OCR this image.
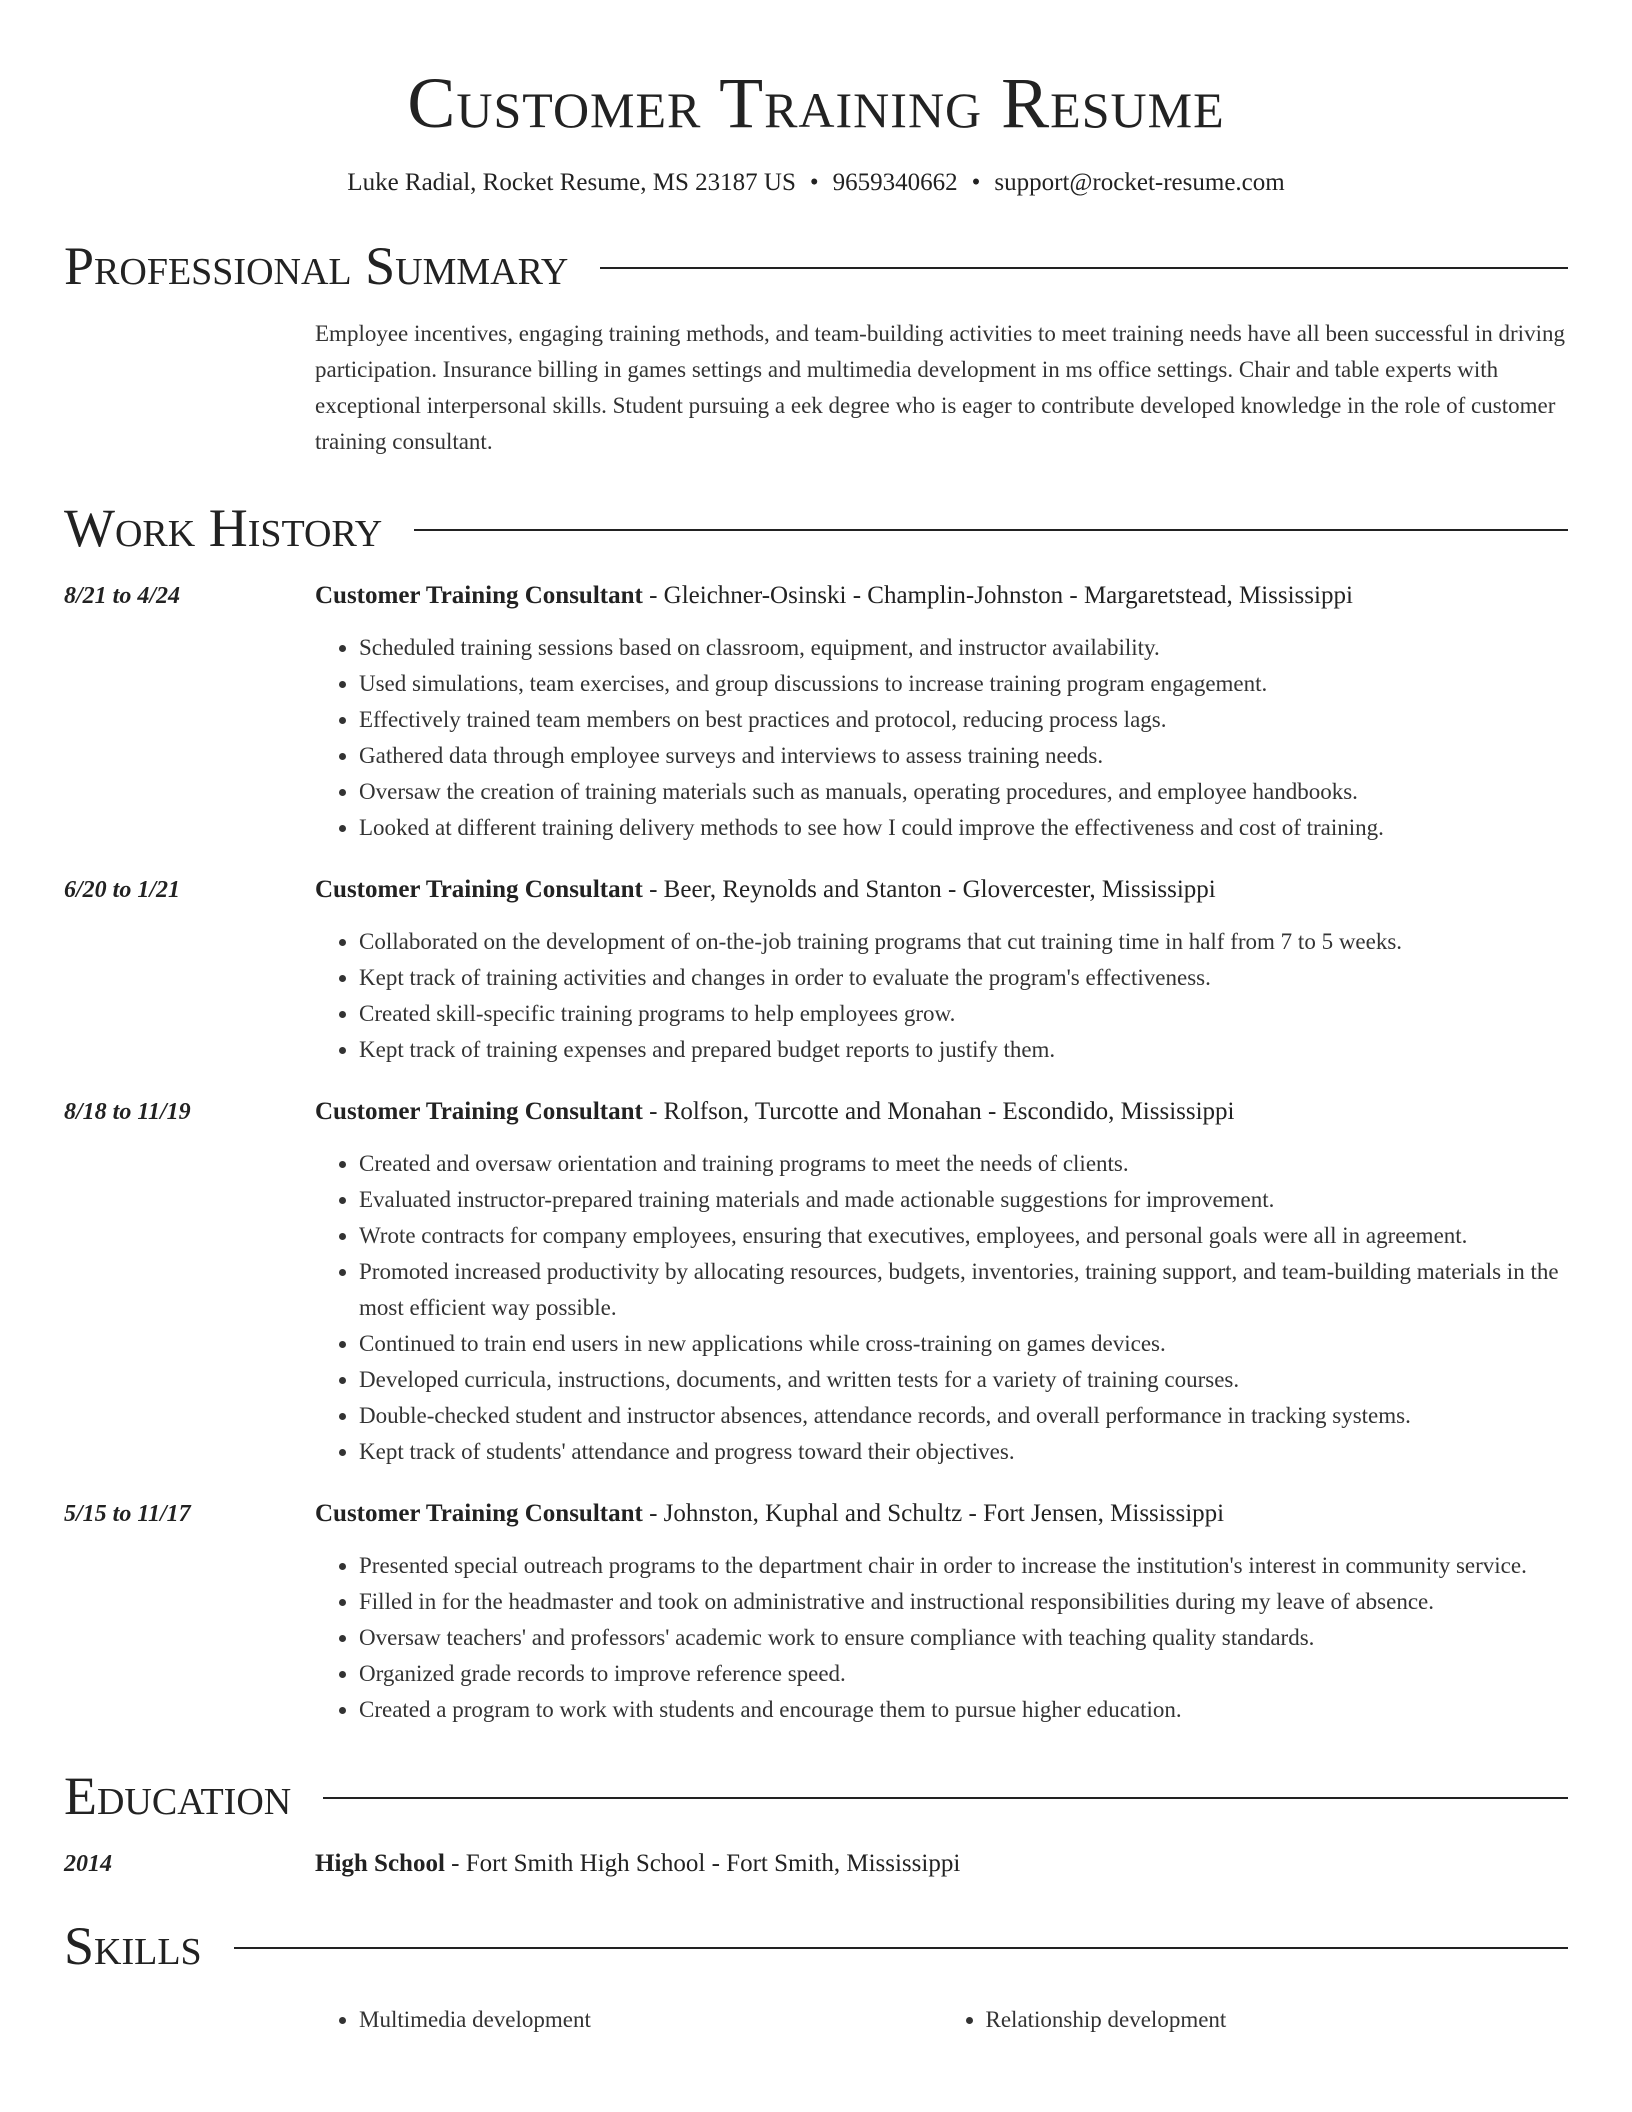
Customer Training Resume
Luke Radial, Rocket Resume, MS 23187 US • 9659340662 • support@rocket-resume.com
Professional Summary
Employee incentives, engaging training methods, and team-building activities to meet training needs have all been successful in driving participation. Insurance billing in games settings and multimedia development in ms office settings. Chair and table experts with exceptional interpersonal skills. Student pursuing a eek degree who is eager to contribute developed knowledge in the role of customer training consultant.
Work History
8/21 to 4/24	Customer Training Consultant - Gleichner-Osinski - Champlin-Johnston - Margaretstead, Mississippi
• Scheduled training sessions based on classroom, equipment, and instructor availability.
• Used simulations, team exercises, and group discussions to increase training program engagement.
• Effectively trained team members on best practices and protocol, reducing process lags.
• Gathered data through employee surveys and interviews to assess training needs.
• Oversaw the creation of training materials such as manuals, operating procedures, and employee handbooks.
• Looked at different training delivery methods to see how I could improve the effectiveness and cost of training.
6/20 to 1/21	Customer Training Consultant - Beer, Reynolds and Stanton - Glovercester, Mississippi
• Collaborated on the development of on-the-job training programs that cut training time in half from 7 to 5 weeks.
• Kept track of training activities and changes in order to evaluate the program's effectiveness.
• Created skill-specific training programs to help employees grow.
• Kept track of training expenses and prepared budget reports to justify them.
8/18 to 11/19	Customer Training Consultant - Rolfson, Turcotte and Monahan - Escondido, Mississippi
• Created and oversaw orientation and training programs to meet the needs of clients.
• Evaluated instructor-prepared training materials and made actionable suggestions for improvement.
• Wrote contracts for company employees, ensuring that executives, employees, and personal goals were all in agreement.
• Promoted increased productivity by allocating resources, budgets, inventories, training support, and team-building materials in the most efficient way possible.
• Continued to train end users in new applications while cross-training on games devices.
• Developed curricula, instructions, documents, and written tests for a variety of training courses.
• Double-checked student and instructor absences, attendance records, and overall performance in tracking systems.
• Kept track of students' attendance and progress toward their objectives.
5/15 to 11/17	Customer Training Consultant - Johnston, Kuphal and Schultz - Fort Jensen, Mississippi
• Presented special outreach programs to the department chair in order to increase the institution's interest in community service.
• Filled in for the headmaster and took on administrative and instructional responsibilities during my leave of absence.
• Oversaw teachers' and professors' academic work to ensure compliance with teaching quality standards.
• Organized grade records to improve reference speed.
• Created a program to work with students and encourage them to pursue higher education.
Education
2014	High School - Fort Smith High School - Fort Smith, Mississippi
Skills
• Multimedia development
•	Relationship development
